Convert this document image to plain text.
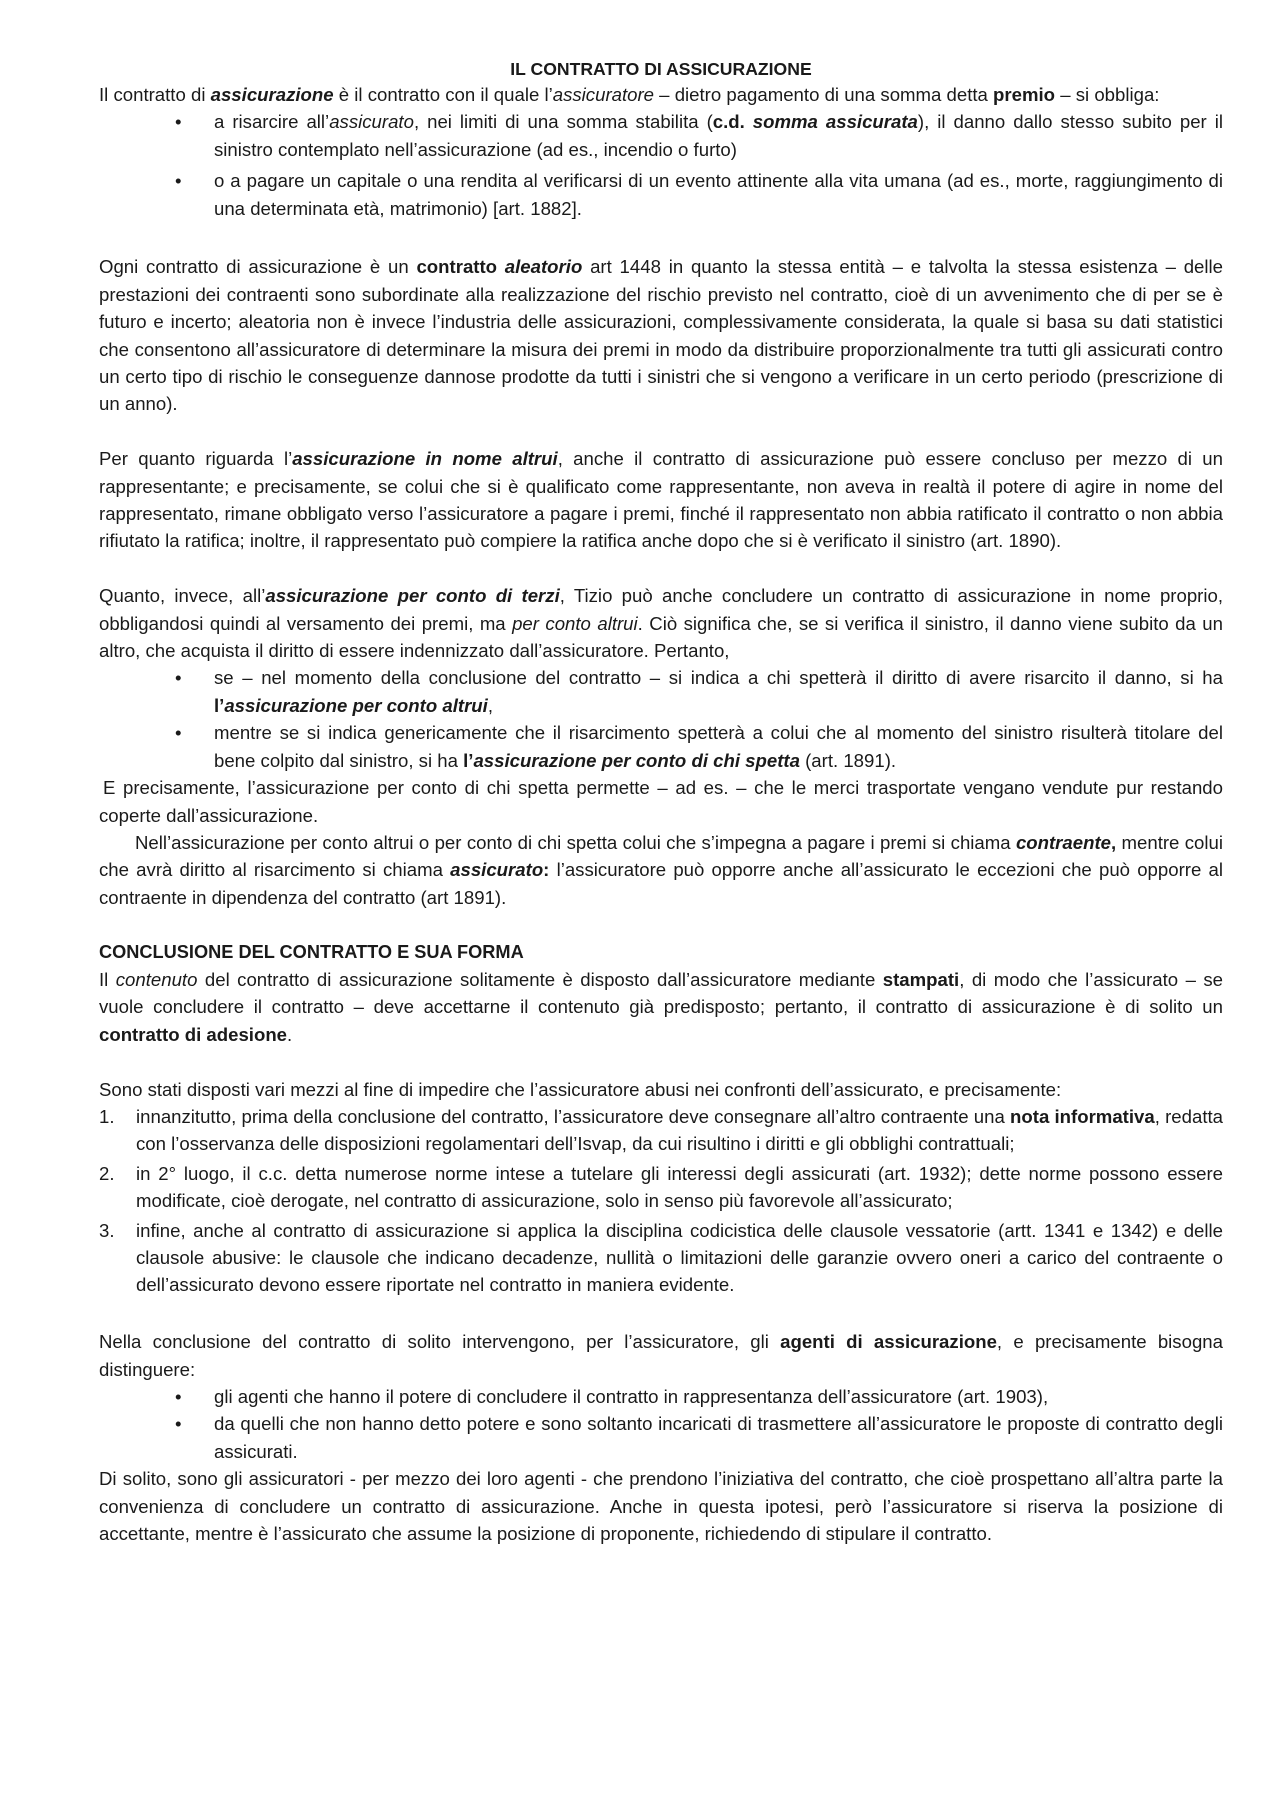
IL CONTRATTO DI ASSICURAZIONE

Il contratto di assicurazione è il contratto con il quale l’assicuratore – dietro pagamento di una somma detta premio – si obbliga:

• a risarcire all’assicurato, nei limiti di una somma stabilita (c.d. somma assicurata), il danno dallo stesso subito per il sinistro contemplato nell’assicurazione (ad es., incendio o furto)
• o a pagare un capitale o una rendita al verificarsi di un evento attinente alla vita umana (ad es., morte, raggiungimento di una determinata età, matrimonio) [art. 1882].

Ogni contratto di assicurazione è un contratto aleatorio art 1448 in quanto la stessa entità – e talvolta la stessa esistenza – delle prestazioni dei contraenti sono subordinate alla realizzazione del rischio previsto nel contratto, cioè di un avvenimento che di per se è futuro e incerto; aleatoria non è invece l’industria delle assicurazioni, complessivamente considerata, la quale si basa su dati statistici che consentono all’assicuratore di determinare la misura dei premi in modo da distribuire proporzionalmente tra tutti gli assicurati contro un certo tipo di rischio le conseguenze dannose prodotte da tutti i sinistri che si vengono a verificare in un certo periodo (prescrizione di un anno).

Per quanto riguarda l’assicurazione in nome altrui, anche il contratto di assicurazione può essere concluso per mezzo di un rappresentante; e precisamente, se colui che si è qualificato come rappresentante, non aveva in realtà il potere di agire in nome del rappresentato, rimane obbligato verso l’assicuratore a pagare i premi, finché il rappresentato non abbia ratificato il contratto o non abbia rifiutato la ratifica; inoltre, il rappresentato può compiere la ratifica anche dopo che si è verificato il sinistro (art. 1890).

Quanto, invece, all’assicurazione per conto di terzi, Tizio può anche concludere un contratto di assicurazione in nome proprio, obbligandosi quindi al versamento dei premi, ma per conto altrui. Ciò significa che, se si verifica il sinistro, il danno viene subito da un altro, che acquista il diritto di essere indennizzato dall’assicuratore. Pertanto,

• se – nel momento della conclusione del contratto – si indica a chi spetterà il diritto di avere risarcito il danno, si ha l’assicurazione per conto altrui,
• mentre se si indica genericamente che il risarcimento spetterà a colui che al momento del sinistro risulterà titolare del bene colpito dal sinistro, si ha l’assicurazione per conto di chi spetta (art. 1891).

E precisamente, l’assicurazione per conto di chi spetta permette – ad es. – che le merci trasportate vengano vendute pur restando coperte dall’assicurazione.

Nell’assicurazione per conto altrui o per conto di chi spetta colui che s’impegna a pagare i premi si chiama contraente, mentre colui che avrà diritto al risarcimento si chiama assicurato: l’assicuratore può opporre anche all’assicurato le eccezioni che può opporre al contraente in dipendenza del contratto (art 1891).

CONCLUSIONE DEL CONTRATTO E SUA FORMA

Il contenuto del contratto di assicurazione solitamente è disposto dall’assicuratore mediante stampati, di modo che l’assicurato – se vuole concludere il contratto – deve accettarne il contenuto già predisposto; pertanto, il contratto di assicurazione è di solito un contratto di adesione.

Sono stati disposti vari mezzi al fine di impedire che l’assicuratore abusi nei confronti dell’assicurato, e precisamente:

1. innanzitutto, prima della conclusione del contratto, l’assicuratore deve consegnare all’altro contraente una nota informativa, redatta con l’osservanza delle disposizioni regolamentari dell’Isvap, da cui risultino i diritti e gli obblighi contrattuali;
2. in 2° luogo, il c.c. detta numerose norme intese a tutelare gli interessi degli assicurati (art. 1932); dette norme possono essere modificate, cioè derogate, nel contratto di assicurazione, solo in senso più favorevole all’assicurato;
3. infine, anche al contratto di assicurazione si applica la disciplina codicistica delle clausole vessatorie (artt. 1341 e 1342) e delle clausole abusive: le clausole che indicano decadenze, nullità o limitazioni delle garanzie ovvero oneri a carico del contraente o dell’assicurato devono essere riportate nel contratto in maniera evidente.

Nella conclusione del contratto di solito intervengono, per l’assicuratore, gli agenti di assicurazione, e precisamente bisogna distinguere:

• gli agenti che hanno il potere di concludere il contratto in rappresentanza dell’assicuratore (art. 1903),
• da quelli che non hanno detto potere e sono soltanto incaricati di trasmettere all’assicuratore le proposte di contratto degli assicurati.

Di solito, sono gli assicuratori - per mezzo dei loro agenti - che prendono l’iniziativa del contratto, che cioè prospettano all’altra parte la convenienza di concludere un contratto di assicurazione. Anche in questa ipotesi, però l’assicuratore si riserva la posizione di accettante, mentre è l’assicurato che assume la posizione di proponente, richiedendo di stipulare il contratto.
